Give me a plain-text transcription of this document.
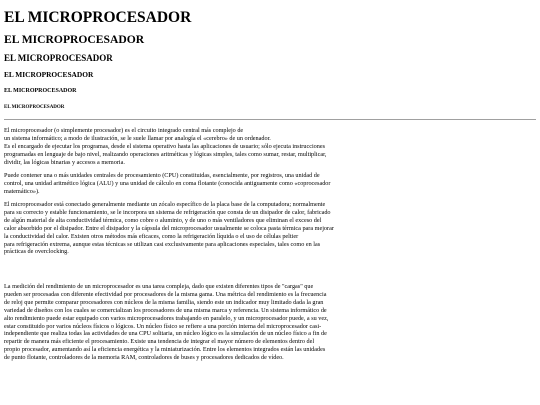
EL MICROPROCESADOR
EL MICROPROCESADOR
EL MICROPROCESADOR
EL MICROPROCESADOR
EL MICROPROCESADOR
EL MICROPROCESADOR

El microprocesador (o simplemente procesador) es el circuito integrado central más complejo de
un sistema informático; a modo de ilustración, se le suele llamar por analogía el «cerebro» de un ordenador.
Es el encargado de ejecutar los programas, desde el sistema operativo hasta las aplicaciones de usuario; sólo ejecuta instrucciones
programadas en lenguaje de bajo nivel, realizando operaciones aritméticas y lógicas simples, tales como sumar, restar, multiplicar,
dividir, las lógicas binarias y accesos a memoria.

Puede contener una o más unidades centrales de procesamiento (CPU) constituidas, esencialmente, por registros, una unidad de
control, una unidad aritmético lógica (ALU) y una unidad de cálculo en coma flotante (conocida antiguamente como «coprocesador
matemático»).

El microprocesador está conectado generalmente mediante un zócalo específico de la placa base de la computadora; normalmente
para su correcto y estable funcionamiento, se le incorpora un sistema de refrigeración que consta de un disipador de calor, fabricado
de algún material de alta conductividad térmica, como cobre o aluminio, y de uno o más ventiladores que eliminan el exceso del
calor absorbido por el disipador. Entre el disipador y la cápsula del microprocesador usualmente se coloca pasta térmica para mejorar
la conductividad del calor. Existen otros métodos más eficaces, como la refrigeración líquida o el uso de células peltier
para refrigeración extrema, aunque estas técnicas se utilizan casi exclusivamente para aplicaciones especiales, tales como en las
prácticas de overclocking.

La medición del rendimiento de un microprocesador es una tarea compleja, dado que existen diferentes tipos de "cargas" que
pueden ser procesadas con diferente efectividad por procesadores de la misma gama. Una métrica del rendimiento es la frecuencia
de reloj que permite comparar procesadores con núcleos de la misma familia, siendo este un indicador muy limitado dada la gran
variedad de diseños con los cuales se comercializan los procesadores de una misma marca y referencia. Un sistema informático de
alto rendimiento puede estar equipado con varios microprocesadores trabajando en paralelo, y un microprocesador puede, a su vez,
estar constituido por varios núcleos físicos o lógicos. Un núcleo físico se refiere a una porción interna del microprocesador casi-
independiente que realiza todas las actividades de una CPU solitaria, un núcleo lógico es la simulación de un núcleo físico a fin de
repartir de manera más eficiente el procesamiento. Existe una tendencia de integrar el mayor número de elementos dentro del
propio procesador, aumentando así la eficiencia energética y la miniaturización. Entre los elementos integrados están las unidades
de punto flotante, controladores de la memoria RAM, controladores de buses y procesadores dedicados de vídeo.
